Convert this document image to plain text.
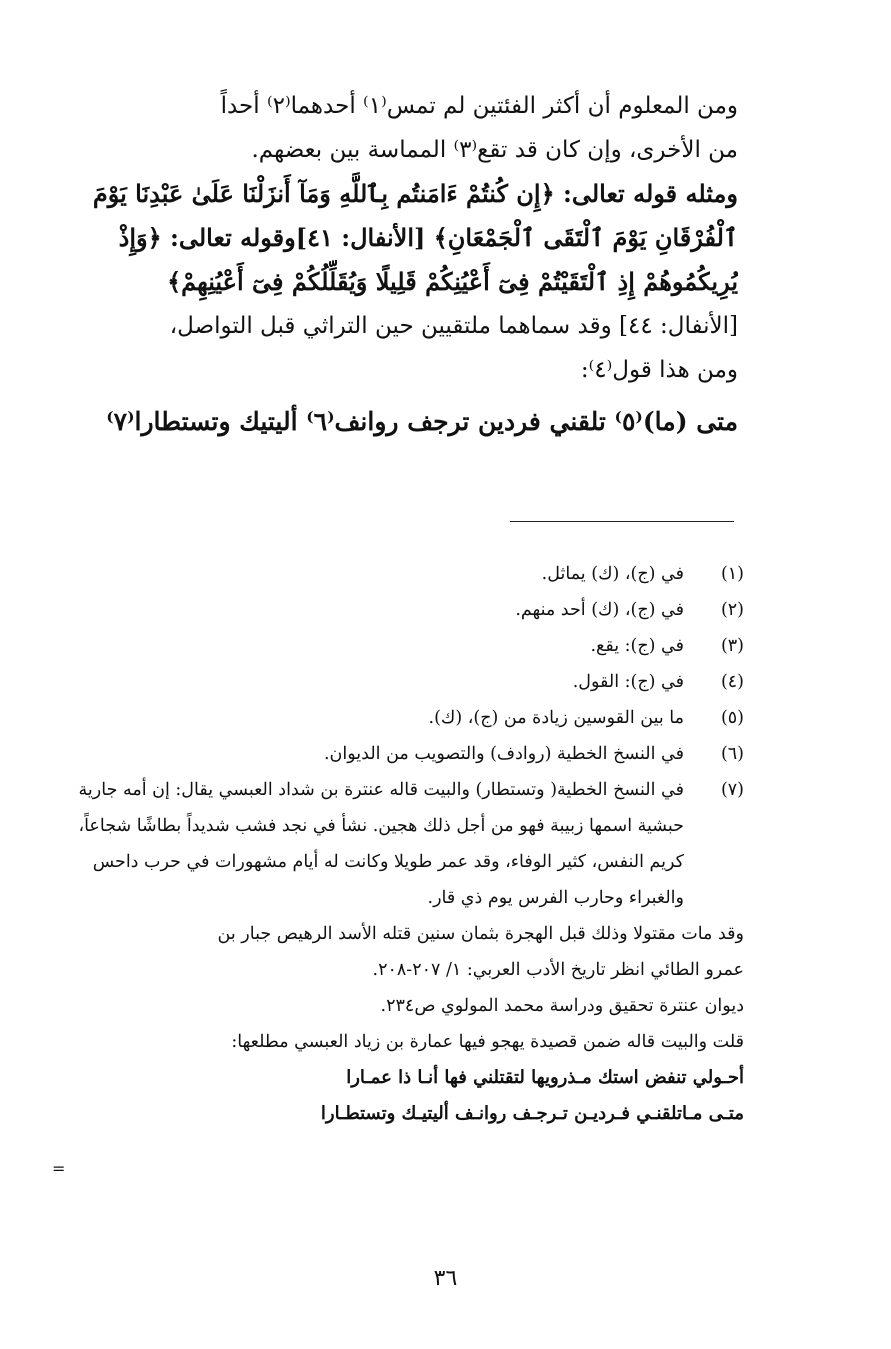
ومن المعلوم أن أكثر الفئتين لم تمس⁽١⁾ أحدهما⁽٢⁾ أحداً
من الأخرى، وإن كان قد تقع⁽٣⁾ المماسة بين بعضهم.
ومثله قوله تعالى: ﴿إِن كُنتُمْ ءَامَنتُم بِٱللَّهِ وَمَآ أَنزَلْنَا عَلَىٰ عَبْدِنَا يَوْمَ
ٱلْفُرْقَانِ يَوْمَ ٱلْتَقَى ٱلْجَمْعَانِ﴾ [الأنفال: ٤١]وقوله تعالى: ﴿وَإِذْ
يُرِيكُمُوهُمْ إِذِ ٱلْتَقَيْتُمْ فِىٓ أَعْيُنِكُمْ قَلِيلًا وَيُقَلِّلُكُمْ فِىٓ أَعْيُنِهِمْ﴾
[الأنفال: ٤٤] وقد سماهما ملتقيين حين التراثي قبل التواصل،
ومن هذا قول⁽٤⁾:
متى (ما)⁽٥⁾ تلقني فردين ترجف روانف⁽٦⁾ أليتيك وتستطارا⁽٧⁾
(١)
في (ج)، (ك) يماثل.
(٢)
في (ج)، (ك) أحد منهم.
(٣)
في (ج): يقع.
(٤)
في (ج): القول.
(٥)
ما بين القوسين زيادة من (ج)، (ك).
(٦)
في النسخ الخطية (روادف) والتصويب من الديوان.
(٧)
في النسخ الخطية( وتستطار) والبيت قاله عنترة بن شداد العبسي يقال: إن أمه جارية حبشية اسمها زبيبة فهو من أجل ذلك هجين. نشأ في نجد فشب شديداً بطاشًا شجاعاً، كريم النفس، كثير الوفاء، وقد عمر طويلا وكانت له أيام مشهورات في حرب داحس والغبراء وحارب الفرس يوم ذي قار.
وقد مات مقتولا وذلك قبل الهجرة بثمان سنين قتله الأسد الرهيص جبار بن
عمرو الطائي انظر تاريخ الأدب العربي: ١/ ٢٠٧-٢٠٨.
ديوان عنترة تحقيق ودراسة محمد المولوي ص٢٣٤.
قلت والبيت قاله ضمن قصيدة يهجو فيها عمارة بن زياد العبسي مطلعها:
أحـولي تنفض استك مـذرويها لتقتلني فها أنـا ذا عمـارا
متـى مـاتلقنـي فـرديـن تـرجـف روانـف أليتيـك وتستطـارا
=
٣٦
